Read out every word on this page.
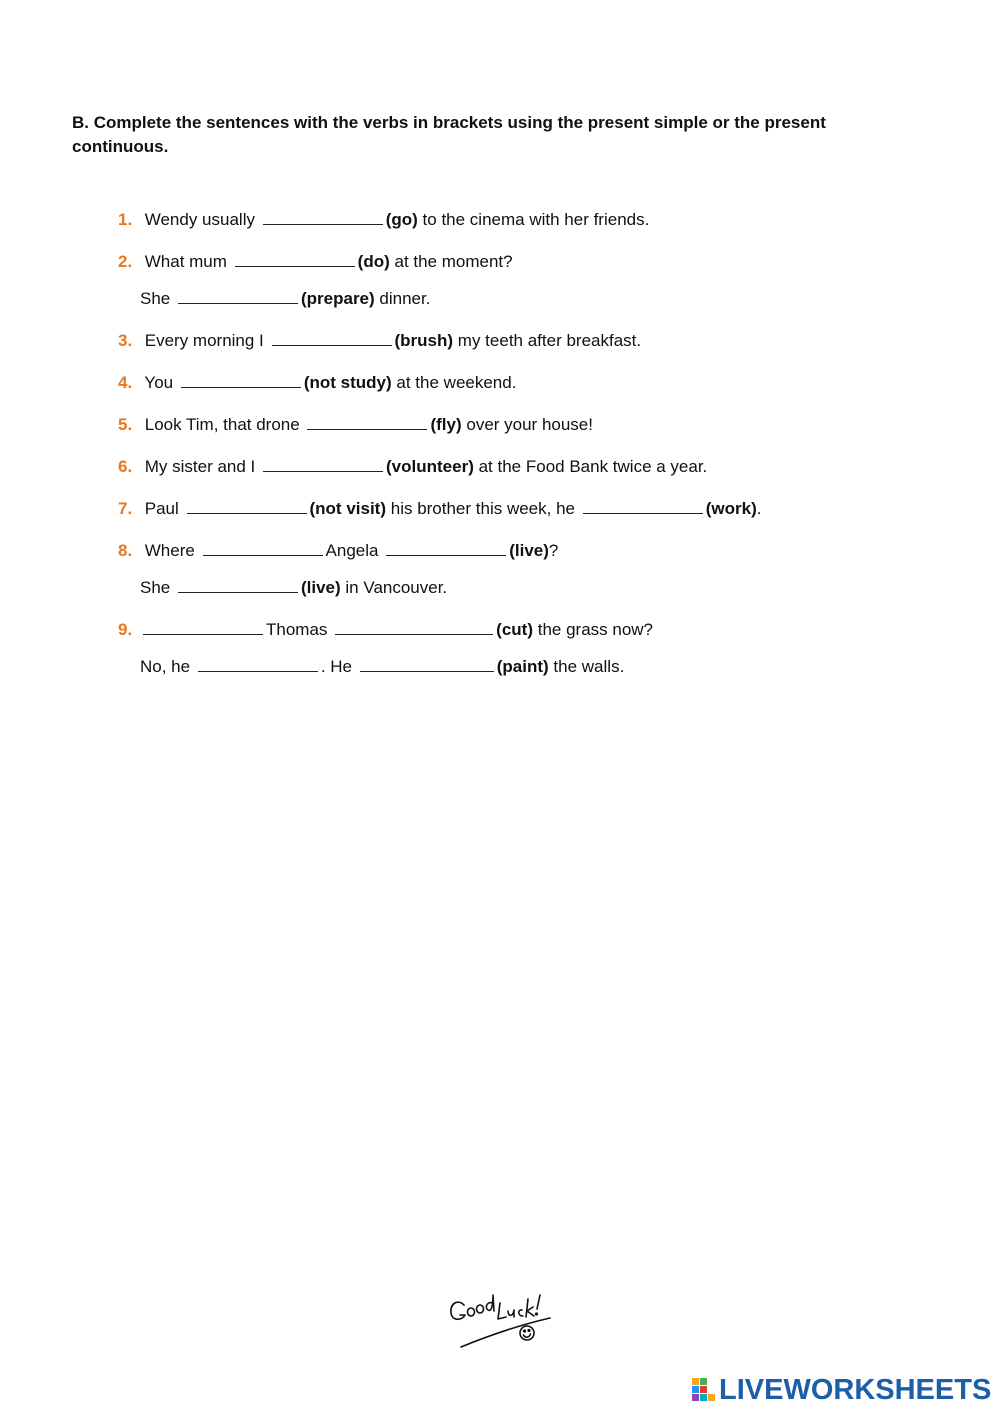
B. Complete the sentences with the verbs in brackets using the present simple or the present continuous.

1. Wendy usually	(go) to the cinema with her friends.
2. What mum	(do) at the moment?
She	(prepare) dinner.
3. Every morning I	(brush) my teeth after breakfast.
4. You	(not study) at the weekend.
5. Look Tim, that drone	(fly) over your house!
6. My sister and I	(volunteer) at the Food Bank twice a year.
7. Paul	(not visit) his brother this week, he	(work).
8. Where	Angela	(live)?
She	(live) in Vancouver.
9.	Thomas	(cut) the grass now?
No, he	. He	(paint) the walls.
LIVEWORKSHEETS
